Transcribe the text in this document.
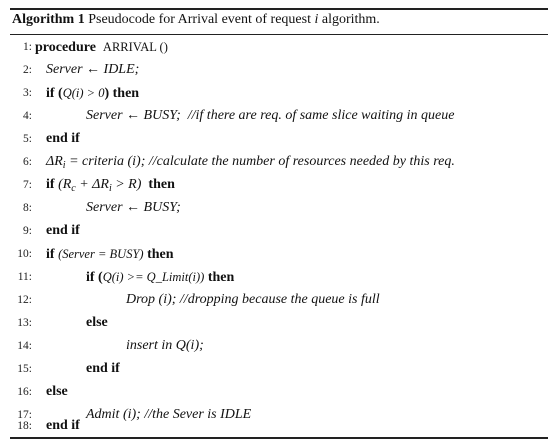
Algorithm 1 Pseudocode for Arrival event of request i algorithm.
1: procedure ARRIVAL ()
2: Server ← IDLE;
3: if (Q(i) > 0) then
4:	Server ← BUSY; //if there are req. of same slice waiting in queue
5: end if
6: $\Delta R_i$ = criteria (i); //calculate the number of resources needed by this req.
7: if $(R_c + \Delta R_i > R)$ then
8:	Server ← BUSY;
9: end if
10: if (Server = BUSY) then
11:	if (Q(i) >= Q_Limit(i)) then
12:	Drop (i); //dropping because the queue is full
13:	else
14:	insert in Q(i);
15:	end if
16: else
17:	Admit (i); //the Sever is IDLE
18: end if
